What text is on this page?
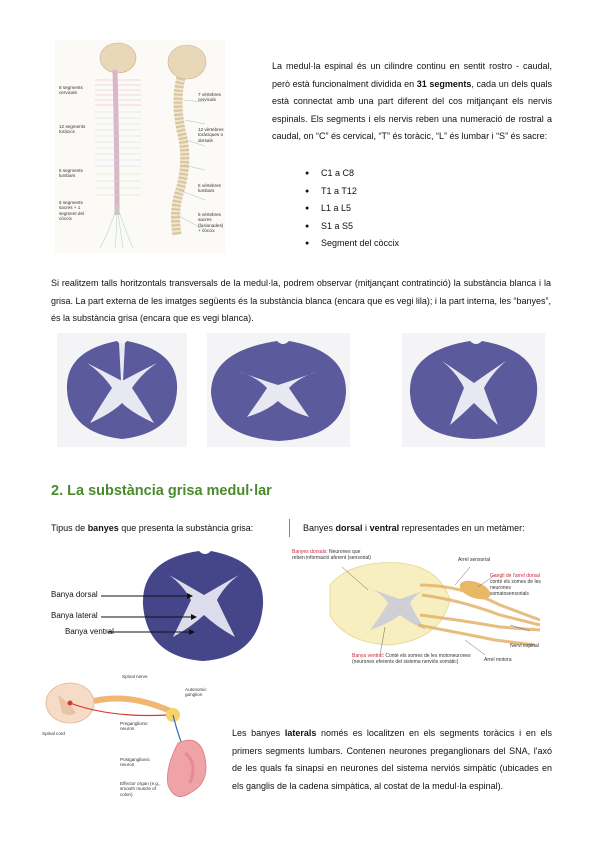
8 segments cervicals
12 segments toràcics
5 segments lumbars
5 segments sacres + 1 segment del còccix
7 vèrtebres cervicals
12 vèrtebres toràciques o dorsals
5 vèrtebres lumbars
5 vèrtebres sacres (fusionades) + còccix

La medul·la espinal és un cilindre continu en sentit rostro - caudal, però està funcionalment dividida en 31 segments, cada un dels quals està connectat amb una part diferent del cos mitjançant els nervis espinals. Els segments i els nervis reben una numeració de rostral a caudal, on “C” és cervical, “T” és toràcic, “L” és lumbar i “S” és sacre:

● C1 a C8
● T1 a T12
● L1 a L5
● S1 a S5
● Segment del còccix

Si realitzem talls horitzontals transversals de la medul·la, podrem observar (mitjançant contratinció) la substància blanca i la grisa. La part externa de les imatges següents és la substància blanca (encara que es vegi lila); i la part interna, les “banyes”, és la substància grisa (encara que es vegi blanca).

2. La substància grisa medul·lar
Tipus de banyes que presenta la substància grisa:	Banyes dorsal i ventral representades en un metàmer:
Banya dorsal
Banya lateral
Banya ventral
Banyes dorsals: Neurones que reben informació aferent (sensorial)	Arrel sensorial
Gangli de l'arrel dorsal
conté els somes de les neurones somatosensorials
Nervi espinal
Arrel motora
Banya ventral: Conté els somes de les motoneurones (neurones eferents del sistema nerviós somàtic)
Spinal nerve
Autonomic ganglion
Preganglionic neuron
Postganglionic neuron
Spinal cord
Effector organ (e.g., smooth muscle of colon)

Les banyes laterals només es localitzen en els segments toràcics i en els primers segments lumbars. Contenen neurones preganglionars del SNA, l'axó de les quals fa sinapsi en neurones del sistema nerviós simpàtic (ubicades en els ganglis de la cadena simpàtica, al costat de la medul·la espinal).
